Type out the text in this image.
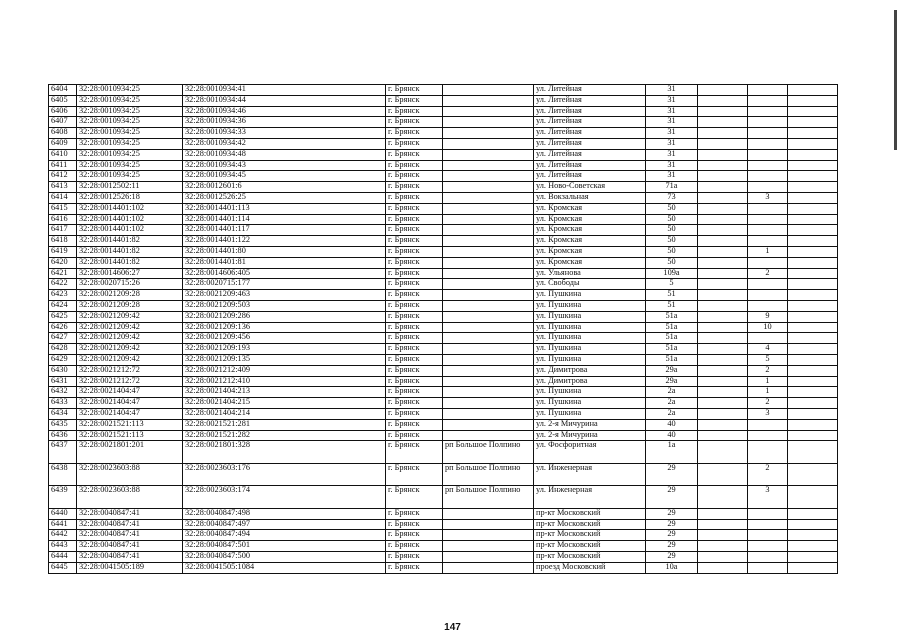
6404	32:28:0010934:25	32:28:0010934:41	г. Брянск		ул. Литейная	31			
6405	32:28:0010934:25	32:28:0010934:44	г. Брянск		ул. Литейная	31			
6406	32:28:0010934:25	32:28:0010934:46	г. Брянск		ул. Литейная	31			
6407	32:28:0010934:25	32:28:0010934:36	г. Брянск		ул. Литейная	31			
6408	32:28:0010934:25	32:28:0010934:33	г. Брянск		ул. Литейная	31			
6409	32:28:0010934:25	32:28:0010934:42	г. Брянск		ул. Литейная	31			
6410	32:28:0010934:25	32:28:0010934:48	г. Брянск		ул. Литейная	31			
6411	32:28:0010934:25	32:28:0010934:43	г. Брянск		ул. Литейная	31			
6412	32:28:0010934:25	32:28:0010934:45	г. Брянск		ул. Литейная	31			
6413	32:28:0012502:11	32:28:0012601:6	г. Брянск		ул. Ново-Советская	71а			
6414	32:28:0012526:18	32:28:0012526:25	г. Брянск		ул. Вокзальная	73		3	
6415	32:28:0014401:102	32:28:0014401:113	г. Брянск		ул. Кромская	50			
6416	32:28:0014401:102	32:28:0014401:114	г. Брянск		ул. Кромская	50			
6417	32:28:0014401:102	32:28:0014401:117	г. Брянск		ул. Кромская	50			
6418	32:28:0014401:82	32:28:0014401:122	г. Брянск		ул. Кромская	50			
6419	32:28:0014401:82	32:28:0014401:80	г. Брянск		ул. Кромская	50		1	
6420	32:28:0014401:82	32:28:0014401:81	г. Брянск		ул. Кромская	50			
6421	32:28:0014606:27	32:28:0014606:405	г. Брянск		ул. Ульянова	109а		2	
6422	32:28:0020715:26	32:28:0020715:177	г. Брянск		ул. Свободы	5			
6423	32:28:0021209:28	32:28:0021209:463	г. Брянск		ул. Пушкина	51			
6424	32:28:0021209:28	32:28:0021209:503	г. Брянск		ул. Пушкина	51			
6425	32:28:0021209:42	32:28:0021209:286	г. Брянск		ул. Пушкина	51а		9	
6426	32:28:0021209:42	32:28:0021209:136	г. Брянск		ул. Пушкина	51а		10	
6427	32:28:0021209:42	32:28:0021209:456	г. Брянск		ул. Пушкина	51а			
6428	32:28:0021209:42	32:28:0021209:193	г. Брянск		ул. Пушкина	51а		4	
6429	32:28:0021209:42	32:28:0021209:135	г. Брянск		ул. Пушкина	51а		5	
6430	32:28:0021212:72	32:28:0021212:409	г. Брянск		ул. Димитрова	29а		2	
6431	32:28:0021212:72	32:28:0021212:410	г. Брянск		ул. Димитрова	29а		1	
6432	32:28:0021404:47	32:28:0021404:213	г. Брянск		ул. Пушкина	2а		1	
6433	32:28:0021404:47	32:28:0021404:215	г. Брянск		ул. Пушкина	2а		2	
6434	32:28:0021404:47	32:28:0021404:214	г. Брянск		ул. Пушкина	2а		3	
6435	32:28:0021521:113	32:28:0021521:281	г. Брянск		ул. 2-я Мичурина	40			
6436	32:28:0021521:113	32:28:0021521:282	г. Брянск		ул. 2-я Мичурина	40			
6437	32:28:0021801:201	32:28:0021801:328	г. Брянск	рп Большое Полпино	ул. Фосфоритная	1а			
6438	32:28:0023603:88	32:28:0023603:176	г. Брянск	рп Большое Полпино	ул. Инженерная	29		2	
6439	32:28:0023603:88	32:28:0023603:174	г. Брянск	рп Большое Полпино	ул. Инженерная	29		3	
6440	32:28:0040847:41	32:28:0040847:498	г. Брянск		пр-кт Московский	29			
6441	32:28:0040847:41	32:28:0040847:497	г. Брянск		пр-кт Московский	29			
6442	32:28:0040847:41	32:28:0040847:494	г. Брянск		пр-кт Московский	29			
6443	32:28:0040847:41	32:28:0040847:501	г. Брянск		пр-кт Московский	29			
6444	32:28:0040847:41	32:28:0040847:500	г. Брянск		пр-кт Московский	29			
6445	32:28:0041505:189	32:28:0041505:1084	г. Брянск		проезд Московский	10а			
147
